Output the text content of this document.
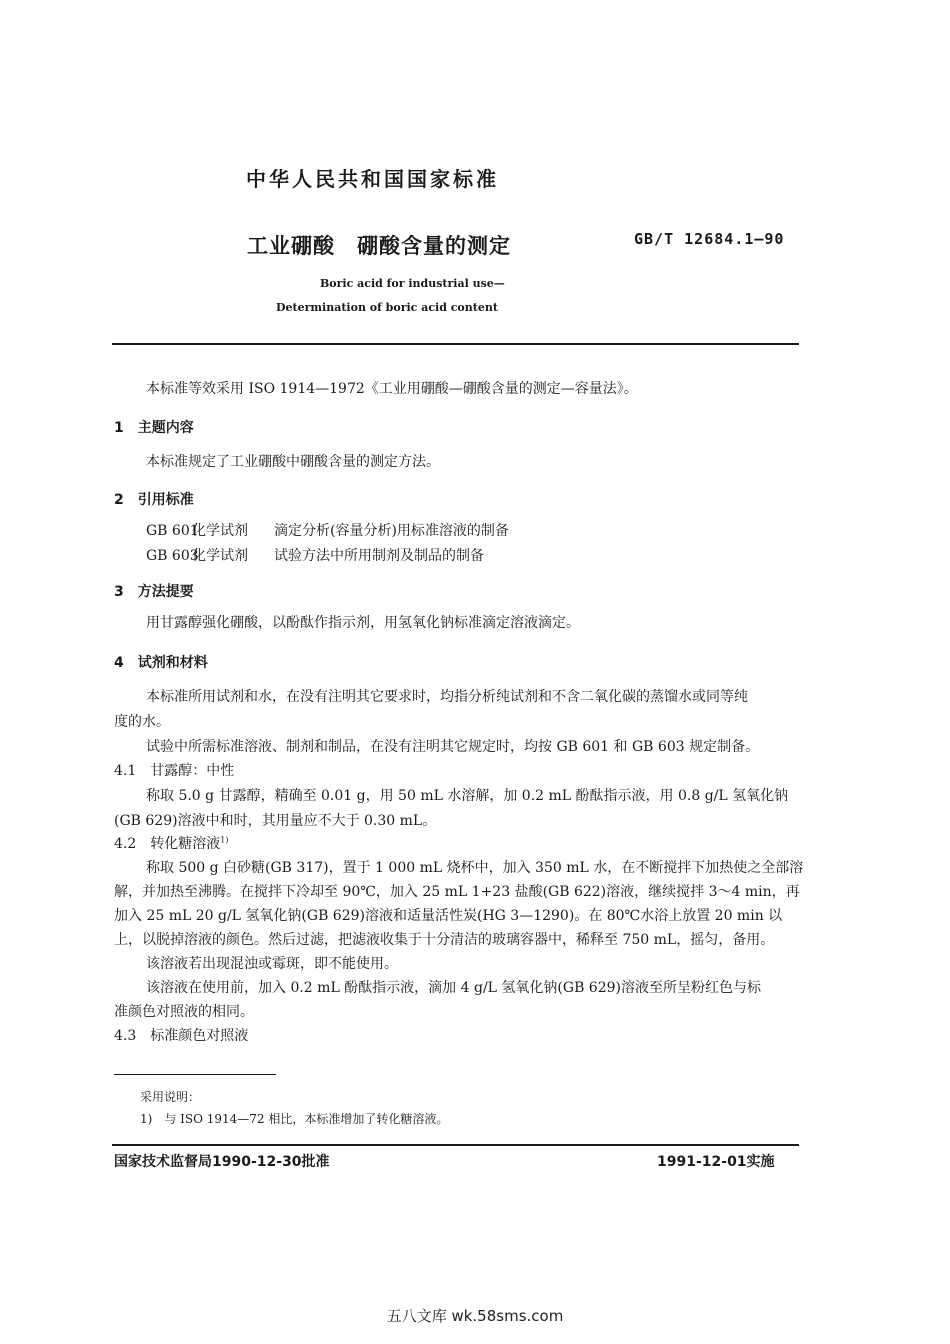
中华人民共和国国家标准
工业硼酸　硼酸含量的测定	GB/T 12684.1—90
Boric acid for industrial use—
Determination of boric acid content
本标准等效采用 ISO 1914—1972《工业用硼酸—硼酸含量的测定—容量法》。
1　主题内容
本标准规定了工业硼酸中硼酸含量的测定方法。
2　引用标准
GB 601化学试剂 滴定分析(容量分析)用标准溶液的制备
GB 603化学试剂 试验方法中所用制剂及制品的制备
3　方法提要
用甘露醇强化硼酸，以酚酞作指示剂，用氢氧化钠标准滴定溶液滴定。
4　试剂和材料
本标准所用试剂和水，在没有注明其它要求时，均指分析纯试剂和不含二氧化碳的蒸馏水或同等纯
度的水。
试验中所需标准溶液、制剂和制品，在没有注明其它规定时，均按 GB 601 和 GB 603 规定制备。
4.1　甘露醇：中性
称取 5.0 g 甘露醇，精确至 0.01 g，用 50 mL 水溶解，加 0.2 mL 酚酞指示液，用 0.8 g/L 氢氧化钠
(GB 629)溶液中和时，其用量应不大于 0.30 mL。
4.2　转化糖溶液$^{1)}$
称取 500 g 白砂糖(GB 317)，置于 1 000 mL 烧杯中，加入 350 mL 水，在不断搅拌下加热使之全部溶
解，并加热至沸腾。在搅拌下冷却至 90℃，加入 25 mL 1+23 盐酸(GB 622)溶液，继续搅拌 3～4 min，再
加入 25 mL 20 g/L 氢氧化钠(GB 629)溶液和适量活性炭(HG 3—1290)。在 80℃水浴上放置 20 min 以
上，以脱掉溶液的颜色。然后过滤，把滤液收集于十分清洁的玻璃容器中，稀释至 750 mL，摇匀，备用。
该溶液若出现混浊或霉斑，即不能使用。
该溶液在使用前，加入 0.2 mL 酚酞指示液，滴加 4 g/L 氢氧化钠(GB 629)溶液至所呈粉红色与标
准颜色对照液的相同。
4.3　标准颜色对照液
采用说明：
1)　与 ISO 1914—72 相比，本标准增加了转化糖溶液。
国家技术监督局1990-12-30批准	1991-12-01实施
五八文库 wk.58sms.com
